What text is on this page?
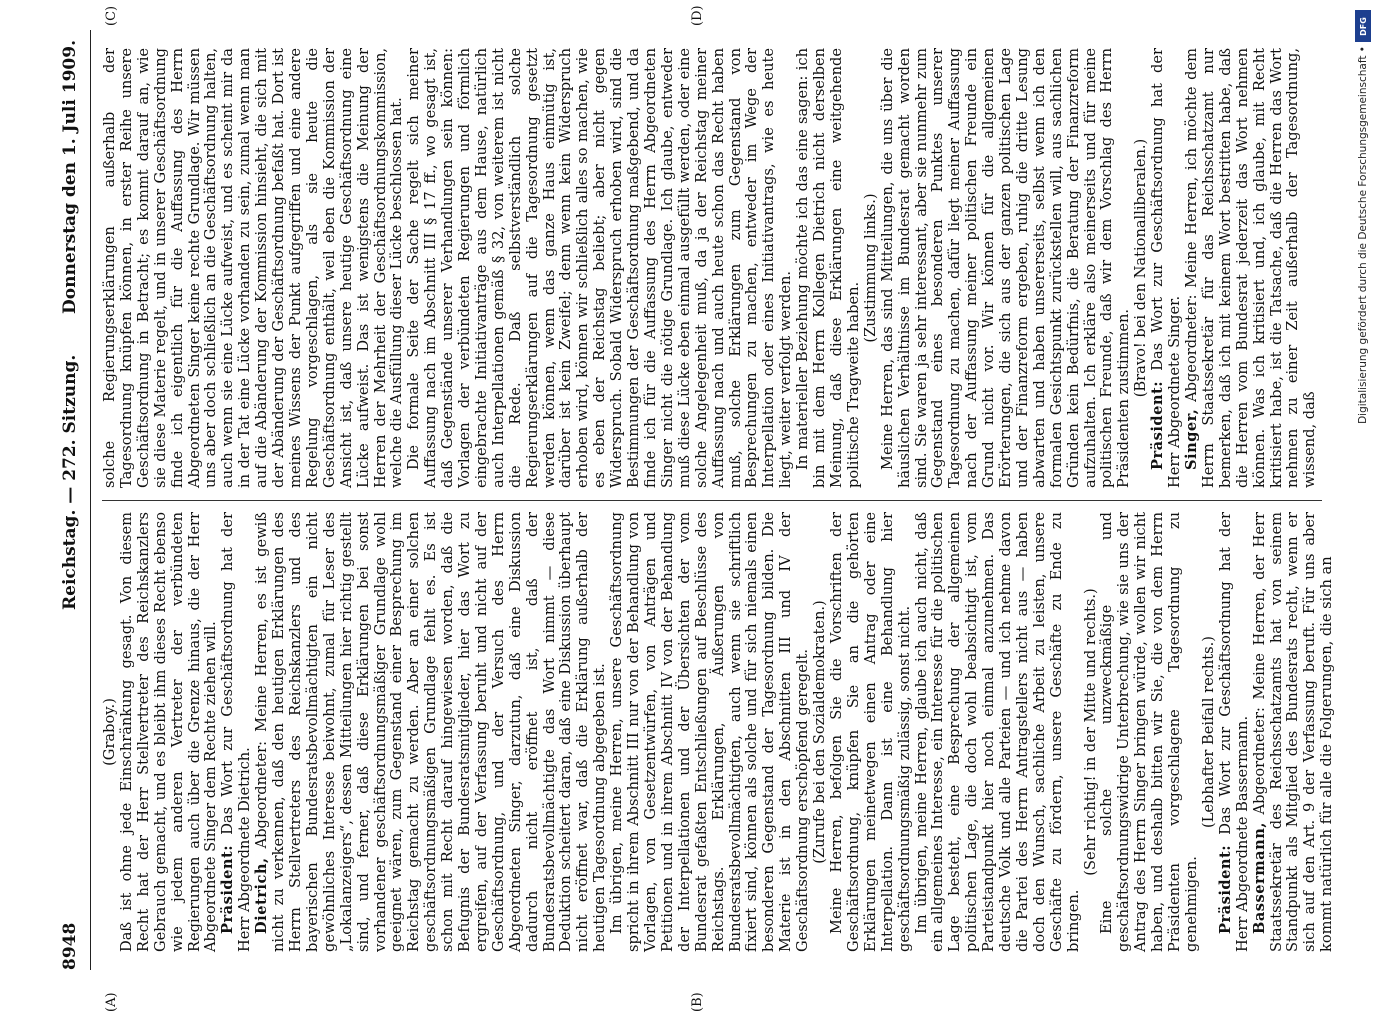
8948
Reichstag. — 272. Sitzung.
Donnerstag den 1. Juli 1909.
(A)	(B)
(C)	(D)

(Graboy.) Daß ist ohne jede Einschränkung gesagt. Von diesem Recht hat der Herr Stellvertreter des Reichskanzlers Gebrauch gemacht, und es bleibt ihm dieses Recht ebenso wie jedem anderen Vertreter der verbündeten Regierungen auch über die Grenze hinaus, die der Herr Abgeordnete Singer dem Rechte ziehen will. Präsident: Das Wort zur Geschäftsordnung hat der Herr Abgeordnete Dietrich. Dietrich, Abgeordneter: Meine Herren, es ist gewiß nicht zu verkennen, daß den heutigen Erklärungen des Herrn Stellvertreters des Reichskanzlers und des bayerischen Bundesratsbevollmächtigten ein nicht gewöhnliches Interesse beiwohnt, zumal für Leser des „Lokalanzeigers“, dessen Mitteilungen hier richtig gestellt sind, und ferner, daß diese Erklärungen bei sonst vorhandener geschäftsordnungsmäßiger Grundlage wohl geeignet wären, zum Gegenstand einer Besprechung im Reichstag gemacht zu werden. Aber an einer solchen geschäftsordnungsmäßigen Grundlage fehlt es. Es ist schon mit Recht darauf hingewiesen worden, daß die Befugnis der Bundesratsmitglieder, hier das Wort zu ergreifen, auf der Verfassung beruht und nicht auf der Geschäftsordnung, und der Versuch des Herrn Abgeordneten Singer, darzutun, daß eine Diskussion dadurch nicht eröffnet ist, daß der Bundesratsbevollmächtigte das Wort nimmt — diese Deduktion scheitert daran, daß eine Diskussion überhaupt nicht eröffnet war, daß die Erklärung außerhalb der heutigen Tagesordnung abgegeben ist. Im übrigen, meine Herren, unsere Geschäftsordnung spricht in ihrem Abschnitt III nur von der Behandlung von Vorlagen, von Gesetzentwürfen, von Anträgen und Petitionen und in ihrem Abschnitt IV von der Behandlung der Interpellationen und der Übersichten der vom Bundesrat gefaßten Entschließungen auf Beschlüsse des Reichstags. Erklärungen, Äußerungen von Bundesratsbevollmächtigten, auch wenn sie schriftlich fixiert sind, können als solche und für sich niemals einen besonderen Gegenstand der Tagesordnung bilden. Die Materie ist in den Abschnitten III und IV der Geschäftsordnung erschöpfend geregelt. (Zurufe bei den Sozialdemokraten.) Meine Herren, befolgen Sie die Vorschriften der Geschäftsordnung, knüpfen Sie an die gehörten Erklärungen meinetwegen einen Antrag oder eine Interpellation. Dann ist eine Behandlung hier geschäftsordnungsmäßig zulässig, sonst nicht. Im übrigen, meine Herren, glaube ich auch nicht, daß ein allgemeines Interesse, ein Interesse für die politischen Lage besteht, eine Besprechung der allgemeinen politischen Lage, die doch wohl beabsichtigt ist, vom Parteistandpunkt hier noch einmal anzunehmen. Das deutsche Volk und alle Parteien — und ich nehme davon die Partei des Herrn Antragstellers nicht aus — haben doch den Wunsch, sachliche Arbeit zu leisten, unsere Geschäfte zu fördern, unsere Geschäfte zu Ende zu bringen.

(Sehr richtig! in der Mitte und rechts.) Eine solche unzweckmäßige und geschäftsordnungswidrige Unterbrechung, wie sie uns der Antrag des Herrn Singer bringen würde, wollen wir nicht haben, und deshalb bitten wir Sie, die von dem Herrn Präsidenten vorgeschlagene Tagesordnung zu genehmigen.

(Lebhafter Beifall rechts.)

Präsident: Das Wort zur Geschäftsordnung hat der Herr Abgeordnete Bassermann. Bassermann, Abgeordneter: Meine Herren, der Herr Staatssekretär des Reichsschatzamts hat von seinem Standpunkt als Mitglied des Bundesrats recht, wenn er sich auf den Art. 9 der Verfassung beruft. Für uns aber kommt natürlich für alle die Folgerungen, die sich an

solche Regierungserklärungen außerhalb der Tagesordnung knüpfen können, in erster Reihe unsere Geschäftsordnung in Betracht; es kommt darauf an, wie sie diese Materie regelt, und in unserer Geschäftsordnung finde ich eigentlich für die Auffassung des Herrn Abgeordneten Singer keine rechte Grundlage. Wir müssen uns aber doch schließlich an die Geschäftsordnung halten, auch wenn sie eine Lücke aufweist, und es scheint mir da in der Tat eine Lücke vorhanden zu sein, zumal wenn man auf die Abänderung der Kommission hinsieht, die sich mit der Abänderung der Geschäftsordnung befaßt hat. Dort ist meines Wissens der Punkt aufgegriffen und eine andere Regelung vorgeschlagen, als sie heute die Geschäftsordnung enthält, weil eben die Kommission der Ansicht ist, daß unsere heutige Geschäftsordnung eine Lücke aufweist. Das ist wenigstens die Meinung der Herren der Mehrheit der Geschäftsordnungskommission, welche die Ausfüllung dieser Lücke beschlossen hat. Die formale Seite der Sache regelt sich meiner Auffassung nach im Abschnitt III § 17 ff., wo gesagt ist, daß Gegenstände unserer Verhandlungen sein können: Vorlagen der verbündeten Regierungen und förmlich eingebrachte Initiativanträge aus dem Hause, natürlich auch Interpellationen gemäß § 32, von weiterem ist nicht die Rede. Daß selbstverständlich solche Regierungserklärungen auf die Tagesordnung gesetzt werden können, wenn das ganze Haus einmütig ist, darüber ist kein Zweifel; denn wenn kein Widerspruch erhoben wird, können wir schließlich alles so machen, wie es eben der Reichstag beliebt; aber nicht gegen Widerspruch. Sobald Widerspruch erhoben wird, sind die Bestimmungen der Geschäftsordnung maßgebend, und da finde ich für die Auffassung des Herrn Abgeordneten Singer nicht die nötige Grundlage. Ich glaube, entweder muß diese Lücke eben einmal ausgefüllt werden, oder eine solche Angelegenheit muß, da ja der Reichstag meiner Auffassung nach und auch heute schon das Recht haben muß, solche Erklärungen zum Gegenstand von Besprechungen zu machen, entweder im Wege der Interpellation oder eines Initiativantrags, wie es heute liegt, weiter verfolgt werden. In materieller Beziehung möchte ich das eine sagen: ich bin mit dem Herrn Kollegen Dietrich nicht derselben Meinung, daß diese Erklärungen eine weitgehende politische Tragweite haben.

(Zustimmung links.) Meine Herren, das sind Mitteilungen, die uns über die häuslichen Verhältnisse im Bundesrat gemacht worden sind. Sie waren ja sehr interessant, aber sie nunmehr zum Gegenstand eines besonderen Punktes unserer Tagesordnung zu machen, dafür liegt meiner Auffassung nach der Auffassung meiner politischen Freunde ein Grund nicht vor. Wir können für die allgemeinen Erörterungen, die sich aus der ganzen politischen Lage und der Finanzreform ergeben, ruhig die dritte Lesung abwarten und haben unsererseits, selbst wenn ich den formalen Gesichtspunkt zurückstellen will, aus sachlichen Gründen kein Bedürfnis, die Beratung der Finanzreform aufzuhalten. Ich erkläre also meinerseits und für meine politischen Freunde, daß wir dem Vorschlag des Herrn Präsidenten zustimmen.

(Bravo! bei den Nationalliberalen.)

Präsident: Das Wort zur Geschäftsordnung hat der Herr Abgeordnete Singer. Singer, Abgeordneter: Meine Herren, ich möchte dem Herrn Staatssekretär für das Reichsschatzamt nur bemerken, daß ich mit keinem Wort bestritten habe, daß die Herren vom Bundesrat jederzeit das Wort nehmen können. Was ich kritisiert und, ich glaube, mit Recht kritisiert habe, ist die Tatsache, daß die Herren das Wort nehmen zu einer Zeit außerhalb der Tagesordnung, wissend, daß

DFG
Digitalisierung gefördert durch die Deutsche Forschungsgemeinschaft •
